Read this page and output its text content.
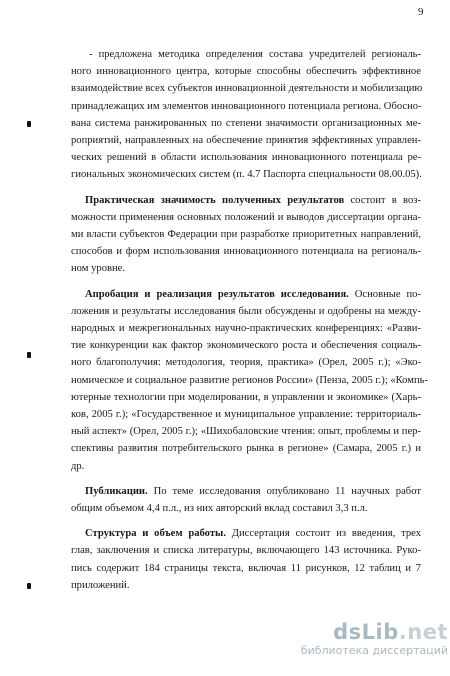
9
- предложена методика определения состава учредителей региональ-
ного инновационного центра, которые способны обеспечить эффективное
взаимодействие всех субъектов инновационной деятельности и мобилизацию
принадлежащих им элементов инновационного потенциала региона. Обосно-
вана система ранжированных по степени значимости организационных ме-
роприятий, направленных на обеспечение принятия эффективных управлен-
ческих решений в области использования инновационного потенциала ре-
гиональных экономических систем (п. 4.7 Паспорта специальности 08.00.05).
Практическая значимость полученных результатов состоит в воз-
можности применения основных положений и выводов диссертации органа-
ми власти субъектов Федерации при разработке приоритетных направлений,
способов и форм использования инновационного потенциала на региональ-
ном уровне.
Апробация и реализация результатов исследования. Основные по-
ложения и результаты исследования были обсуждены и одобрены на между-
народных и межрегиональных научно-практических конференциях: «Разви-
тие конкуренции как фактор экономического роста и обеспечения социаль-
ного благополучия: методология, теория, практика» (Орел, 2005 г.); «Эко-
номическое и социальное развитие регионов России» (Пенза, 2005 г.); «Компь-
ютерные технологии при моделировании, в управлении и экономике» (Харь-
ков, 2005 г.); «Государственное и муниципальное управление: территориаль-
ный аспект» (Орел, 2005 г.); «Шихобаловские чтения: опыт, проблемы и пер-
спективы развития потребительского рынка в регионе» (Самара, 2005 г.) и
др.
Публикации. По теме исследования опубликовано 11 научных работ
общим объемом 4,4 п.л., из них авторский вклад составил 3,3 п.л.
Структура и объем работы. Диссертация состоит из введения, трех
глав, заключения и списка литературы, включающего 143 источника. Руко-
пись содержит 184 страницы текста, включая 11 рисунков, 12 таблиц и 7
приложений.
dsLib.net
библиотека диссертаций
